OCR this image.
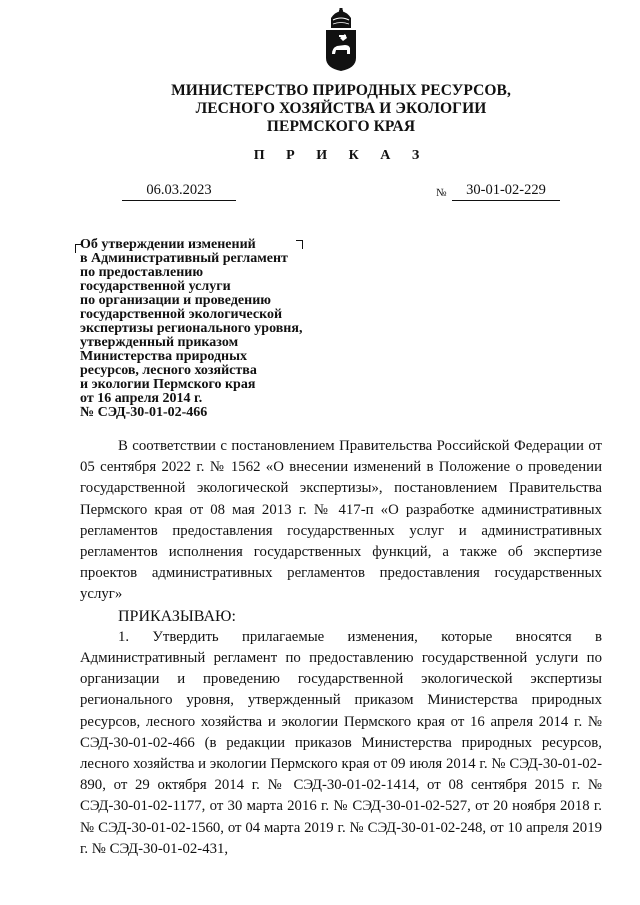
МИНИСТЕРСТВО ПРИРОДНЫХ РЕСУРСОВ,
ЛЕСНОГО ХОЗЯЙСТВА И ЭКОЛОГИИ
ПЕРМСКОГО КРАЯ
П Р И К А З
06.03.2023	№	30-01-02-229
Об утверждении изменений
в Административный регламент
по предоставлению
государственной услуги
по организации и проведению
государственной экологической
экспертизы регионального уровня,
утвержденный приказом
Министерства природных
ресурсов, лесного хозяйства
и экологии Пермского края
от 16 апреля 2014 г.
№ СЭД-30-01-02-466

В соответствии с постановлением Правительства Российской Федерации от 05 сентября 2022 г. № 1562 «О внесении изменений в Положение о проведении государственной экологической экспертизы», постановлением Правительства Пермского края от 08 мая 2013 г. № 417-п «О разработке административных регламентов предоставления государственных услуг и административных регламентов исполнения государственных функций, а также об экспертизе проектов административных регламентов предоставления государственных услуг»

ПРИКАЗЫВАЮ:

1. Утвердить прилагаемые изменения, которые вносятся в Административный регламент по предоставлению государственной услуги по организации и проведению государственной экологической экспертизы регионального уровня, утвержденный приказом Министерства природных ресурсов, лесного хозяйства и экологии Пермского края от 16 апреля 2014 г. № СЭД-30-01-02-466 (в редакции приказов Министерства природных ресурсов, лесного хозяйства и экологии Пермского края от 09 июля 2014 г. № СЭД-30-01-02-890, от 29 октября 2014 г. № СЭД-30-01-02-1414, от 08 сентября 2015 г. № СЭД-30-01-02-1177, от 30 марта 2016 г. № СЭД-30-01-02-527, от 20 ноября 2018 г. № СЭД-30-01-02-1560, от 04 марта 2019 г. № СЭД-30-01-02-248, от 10 апреля 2019 г. № СЭД-30-01-02-431,
